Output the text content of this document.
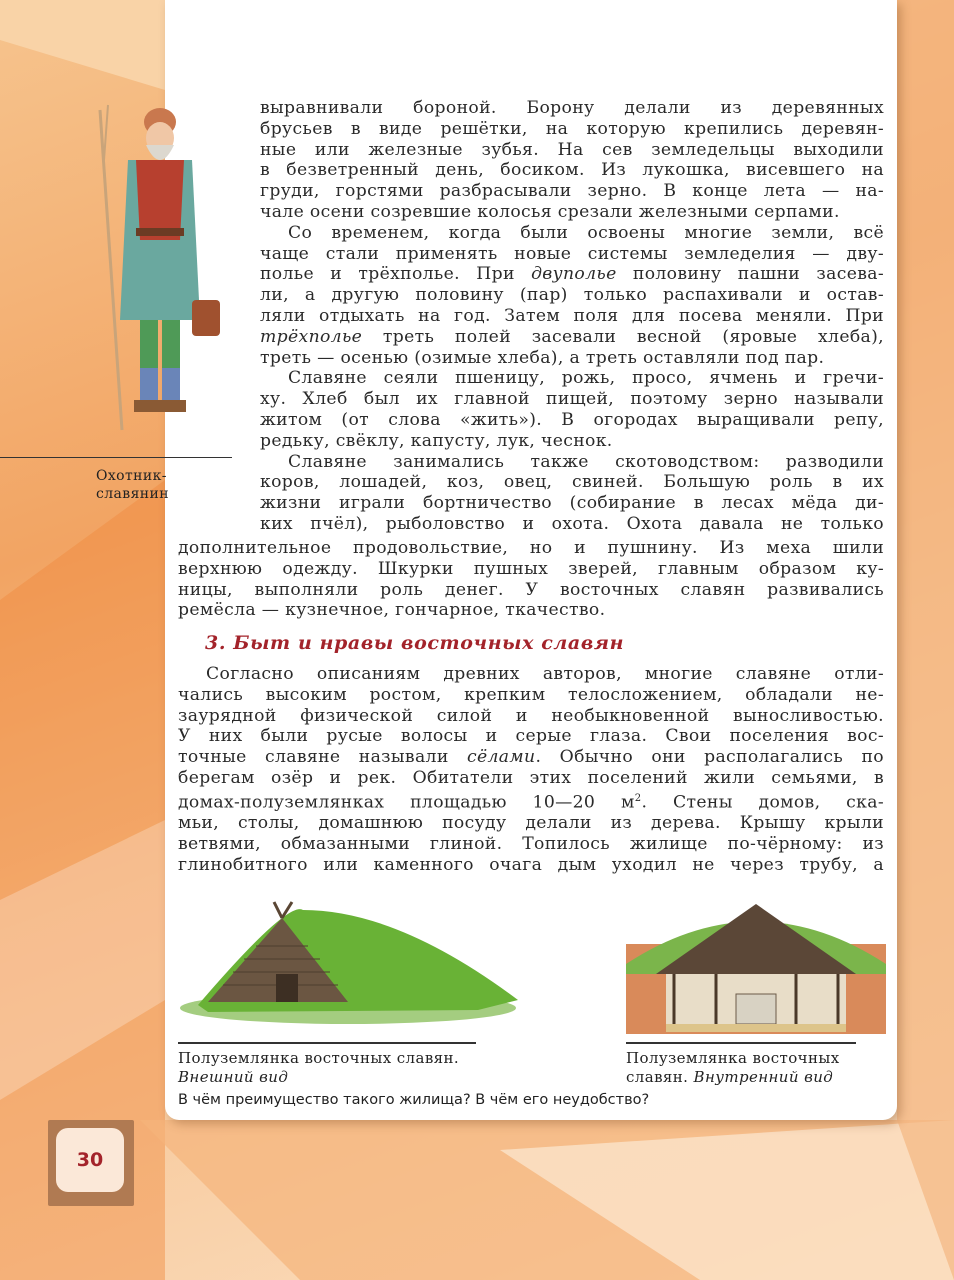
Охотник-
славянин
выравнивали бороной. Борону делали из деревянных
брусьев в виде решётки, на которую крепились деревян-
ные или железные зубья. На сев земледельцы выходили
в безветренный день, босиком. Из лукошка, висевшего на
груди, горстями разбрасывали зерно. В конце лета — на-
чале осени созревшие колосья срезали железными серпами.
Со временем, когда были освоены многие земли, всё
чаще стали применять новые системы земледелия — дву-
полье и трёхполье. При двуполье половину пашни засева-
ли, а другую половину (пар) только распахивали и остав-
ляли отдыхать на год. Затем поля для посева меняли. При
трёхполье треть полей засевали весной (яровые хлеба),
треть — осенью (озимые хлеба), а треть оставляли под пар.
Славяне сеяли пшеницу, рожь, просо, ячмень и гречи-
ху. Хлеб был их главной пищей, поэтому зерно называли
житом (от слова «жить»). В огородах выращивали репу,
редьку, свёклу, капусту, лук, чеснок.
Славяне занимались также скотоводством: разводили
коров, лошадей, коз, овец, свиней. Большую роль в их
жизни играли бортничество (собирание в лесах мёда ди-
ких пчёл), рыболовство и охота. Охота давала не только
дополнительное продовольствие, но и пушнину. Из меха шили
верхнюю одежду. Шкурки пушных зверей, главным образом ку-
ницы, выполняли роль денег. У восточных славян развивались
ремёсла — кузнечное, гончарное, ткачество.
3. Быт и нравы восточных славян
Согласно описаниям древних авторов, многие славяне отли-
чались высоким ростом, крепким телосложением, обладали не-
заурядной физической силой и необыкновенной выносливостью.
У них были русые волосы и серые глаза. Свои поселения вос-
точные славяне называли сёлами. Обычно они располагались по
берегам озёр и рек. Обитатели этих поселений жили семьями, в
домах-полуземлянках площадью 10—20 $м^2$. Стены домов, ска-
мьи, столы, домашнюю посуду делали из дерева. Крышу крыли
ветвями, обмазанными глиной. Топилось жилище по-чёрному: из
глинобитного или каменного очага дым уходил не через трубу, а
Полуземлянка восточных славян.
Внешний вид
Полуземлянка восточных
славян. Внутренний вид
В чём преимущество такого жилища? В чём его неудобство?
30
